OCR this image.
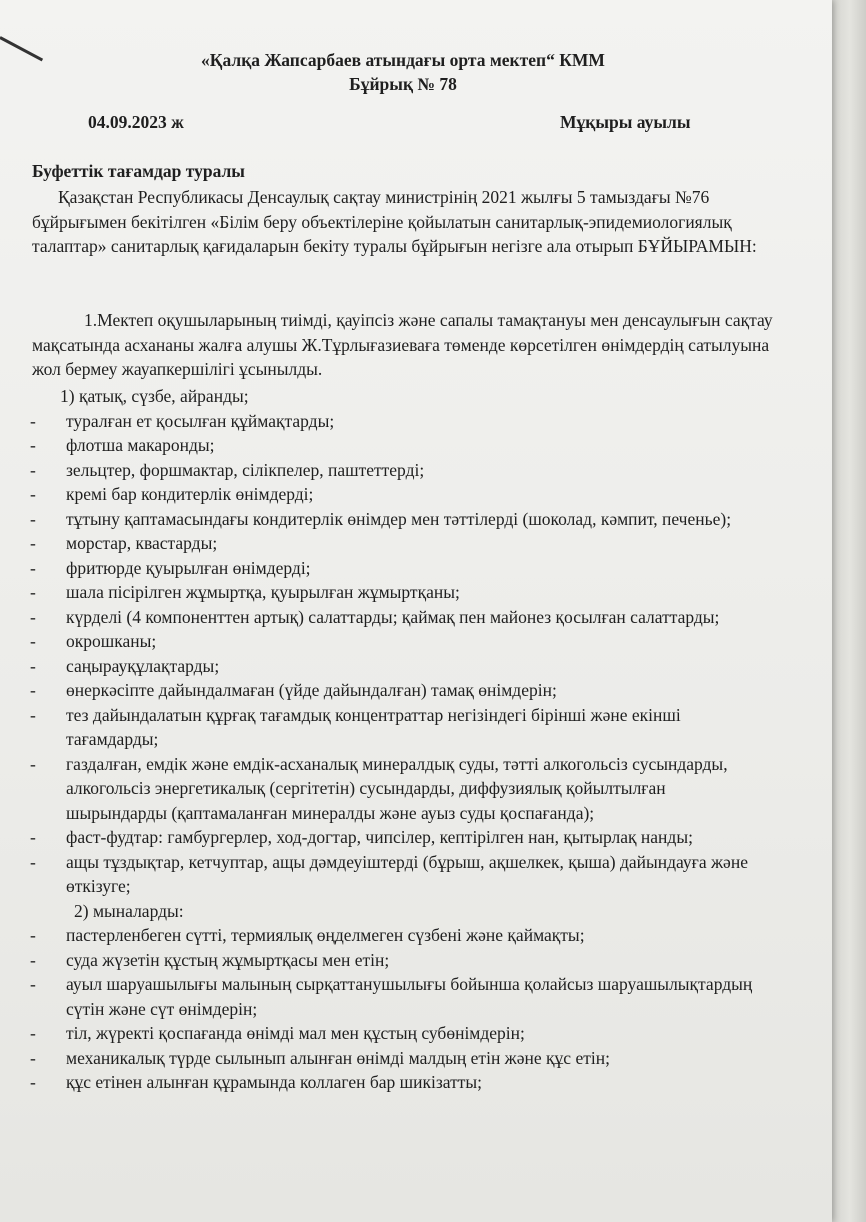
«Қалқа Жапсарбаев атындағы орта мектеп“ КММ
Бұйрық № 78
04.09.2023 ж	Мұқыры ауылы
Буфеттік тағамдар туралы

Қазақстан Республикасы Денсаулық сақтау министрінің 2021 жылғы 5 тамыздағы №76 бұйрығымен бекітілген «Білім беру объектілеріне қойылатын санитарлық-эпидемиологиялық талаптар» санитарлық қағидаларын бекіту туралы бұйрығын негізге ала отырып БҰЙЫРАМЫН:

1.Мектеп оқушыларының тиімді, қауіпсіз және сапалы тамақтануы мен денсаулығын сақтау мақсатында асхананы жалға алушы Ж.Тұрлығазиеваға төменде көрсетілген өнімдердің сатылуына жол бермеу жауапкершілігі ұсынылды.

1) қатық, сүзбе, айранды;
- туралған ет қосылған құймақтарды;
- флотша макаронды;
- зельцтер, форшмактар, сілікпелер, паштеттерді;
- кремі бар кондитерлік өнімдерді;
- тұтыну қаптамасындағы кондитерлік өнімдер мен тәттілерді (шоколад, кәмпит, печенье);
- морстар, квастарды;
- фритюрде қуырылған өнімдерді;
- шала пісірілген жұмыртқа, қуырылған жұмыртқаны;
- күрделі (4 компоненттен артық) салаттарды; қаймақ пен майонез қосылған салаттарды;
- окрошканы;
- саңырауқұлақтарды;
- өнеркәсіпте дайындалмаған (үйде дайындалған) тамақ өнімдерін;
- тез дайындалатын құрғақ тағамдық концентраттар негізіндегі бірінші және екінші тағамдарды;
- газдалған, емдік және емдік-асханалық минералдық суды, тәтті алкогольсіз сусындарды, алкогольсіз энергетикалық (сергітетін) сусындарды, диффузиялық қойылтылған шырындарды (қаптамаланған минералды және ауыз суды қоспағанда);
- фаст-фудтар: гамбургерлер, ход-догтар, чипсілер, кептірілген нан, қытырлақ нанды;
- ащы тұздықтар, кетчуптар, ащы дәмдеуіштерді (бұрыш, ақшелкек, қыша) дайындауға және өткізуге;
2) мыналарды:
- пастерленбеген сүтті, термиялық өңделмеген сүзбені және қаймақты;
- суда жүзетін құстың жұмыртқасы мен етін;
- ауыл шаруашылығы малының сырқаттанушылығы бойынша қолайсыз шаруашылықтардың сүтін және сүт өнімдерін;
- тіл, жүректі қоспағанда өнімді мал мен құстың субөнімдерін;
- механикалық түрде сылынып алынған өнімді малдың етін және құс етін;
- құс етінен алынған құрамында коллаген бар шикізатты;
